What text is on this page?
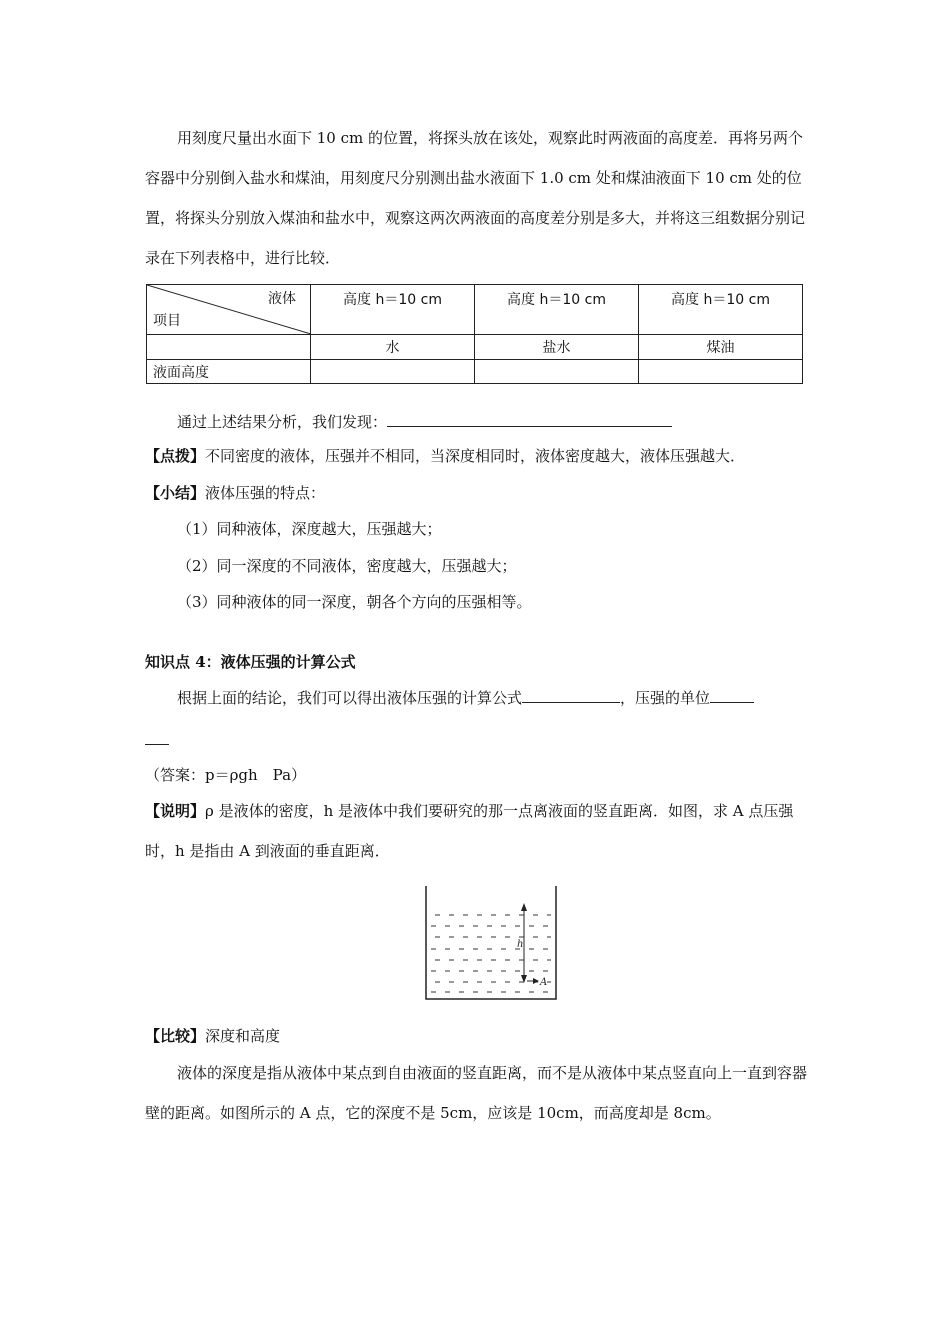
用刻度尺量出水面下 10 cm 的位置，将探头放在该处，观察此时两液面的高度差．再将另两个容器中分别倒入盐水和煤油，用刻度尺分别测出盐水液面下 1.0 cm 处和煤油液面下 10 cm 处的位置，将探头分别放入煤油和盐水中，观察这两次两液面的高度差分别是多大，并将这三组数据分别记录在下列表格中，进行比较．

液体
项目	高度 h＝10 cm	高度 h＝10 cm	高度 h＝10 cm
	水	盐水	煤油
液面高度			

通过上述结果分析，我们发现：

【点拨】不同密度的液体，压强并不相同，当深度相同时，液体密度越大，液体压强越大．

【小结】液体压强的特点：

（1）同种液体，深度越大，压强越大；

（2）同一深度的不同液体，密度越大，压强越大；

（3）同种液体的同一深度，朝各个方向的压强相等。

知识点 4：液体压强的计算公式

根据上面的结论，我们可以得出液体压强的计算公式	，压强的单位

（答案：p＝ρgh　Pa）

【说明】ρ 是液体的密度，h 是液体中我们要研究的那一点离液面的竖直距离．如图，求 A 点压强时，h 是指由 A 到液面的垂直距离．

h
A

【比较】深度和高度

液体的深度是指从液体中某点到自由液面的竖直距离，而不是从液体中某点竖直向上一直到容器壁的距离。如图所示的 A 点，它的深度不是 5cm，应该是 10cm，而高度却是 8cm。
